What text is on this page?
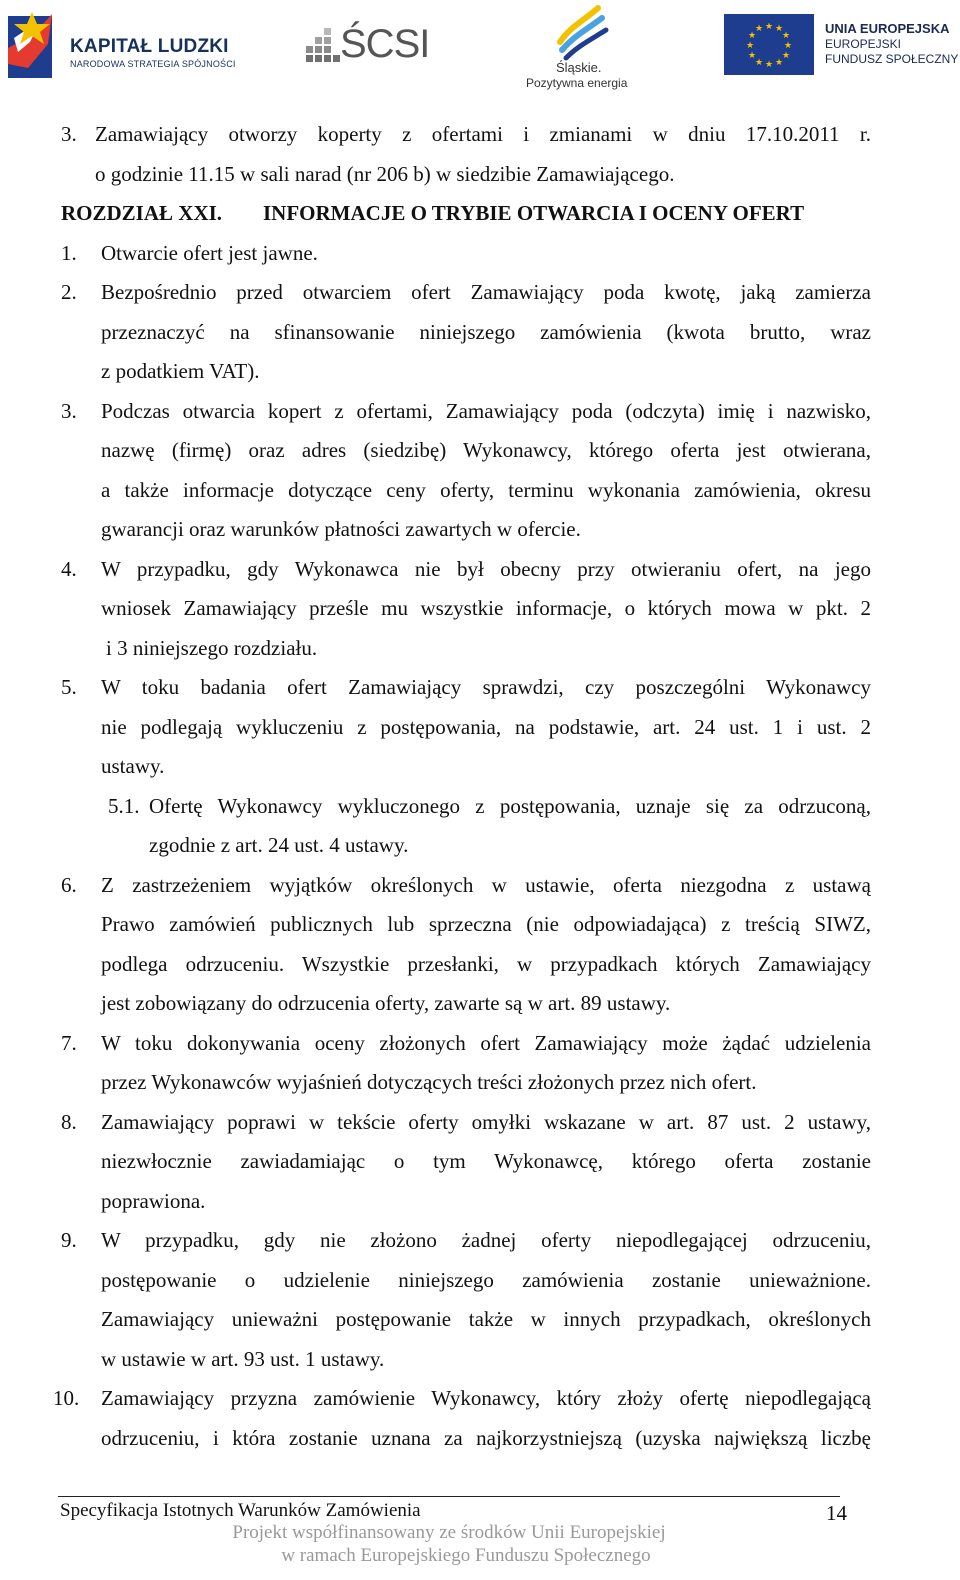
KAPITAŁ LUDZKI
NARODOWA STRATEGIA SPÓJNOŚCI	ŚCSI
Śląskie.
Pozytywna energia
★ ★
★
★
★
★
★
★
★
★
★
★	UNIA EUROPEJSKA
EUROPEJSKI
FUNDUSZ SPOŁECZNY
3. Zamawiający otworzy koperty z ofertami i zmianami w dniu 17.10.2011 r.
o godzinie 11.15 w sali narad (nr 206 b) w siedzibie Zamawiającego.
ROZDZIAŁ XXI. INFORMACJE O TRYBIE OTWARCIA I OCENY OFERT
1. Otwarcie ofert jest jawne.
2. Bezpośrednio przed otwarciem ofert Zamawiający poda kwotę, jaką zamierza
przeznaczyć na sfinansowanie niniejszego zamówienia (kwota brutto, wraz
z podatkiem VAT).
3. Podczas otwarcia kopert z ofertami, Zamawiający poda (odczyta) imię i nazwisko,
nazwę (firmę) oraz adres (siedzibę) Wykonawcy, którego oferta jest otwierana,
a także informacje dotyczące ceny oferty, terminu wykonania zamówienia, okresu
gwarancji oraz warunków płatności zawartych w ofercie.
4. W przypadku, gdy Wykonawca nie był obecny przy otwieraniu ofert, na jego
wniosek Zamawiający prześle mu wszystkie informacje, o których mowa w pkt. 2
i 3 niniejszego rozdziału.
5. W toku badania ofert Zamawiający sprawdzi, czy poszczególni Wykonawcy
nie podlegają wykluczeniu z postępowania, na podstawie, art. 24 ust. 1 i ust. 2
ustawy.
5.1. Ofertę Wykonawcy wykluczonego z postępowania, uznaje się za odrzuconą,
zgodnie z art. 24 ust. 4 ustawy.
6. Z zastrzeżeniem wyjątków określonych w ustawie, oferta niezgodna z ustawą
Prawo zamówień publicznych lub sprzeczna (nie odpowiadająca) z treścią SIWZ,
podlega odrzuceniu. Wszystkie przesłanki, w przypadkach których Zamawiający
jest zobowiązany do odrzucenia oferty, zawarte są w art. 89 ustawy.
7. W toku dokonywania oceny złożonych ofert Zamawiający może żądać udzielenia
przez Wykonawców wyjaśnień dotyczących treści złożonych przez nich ofert.
8. Zamawiający poprawi w tekście oferty omyłki wskazane w art. 87 ust. 2 ustawy,
niezwłocznie zawiadamiając o tym Wykonawcę, którego oferta zostanie
poprawiona.
9. W przypadku, gdy nie złożono żadnej oferty niepodlegającej odrzuceniu,
postępowanie o udzielenie niniejszego zamówienia zostanie unieważnione.
Zamawiający unieważni postępowanie także w innych przypadkach, określonych
w ustawie w art. 93 ust. 1 ustawy.
10. Zamawiający przyzna zamówienie Wykonawcy, który złoży ofertę niepodlegającą
odrzuceniu, i która zostanie uznana za najkorzystniejszą (uzyska największą liczbę
Specyfikacja Istotnych Warunków Zamówienia	14
Projekt współfinansowany ze środków Unii Europejskiej
w ramach Europejskiego Funduszu Społecznego
